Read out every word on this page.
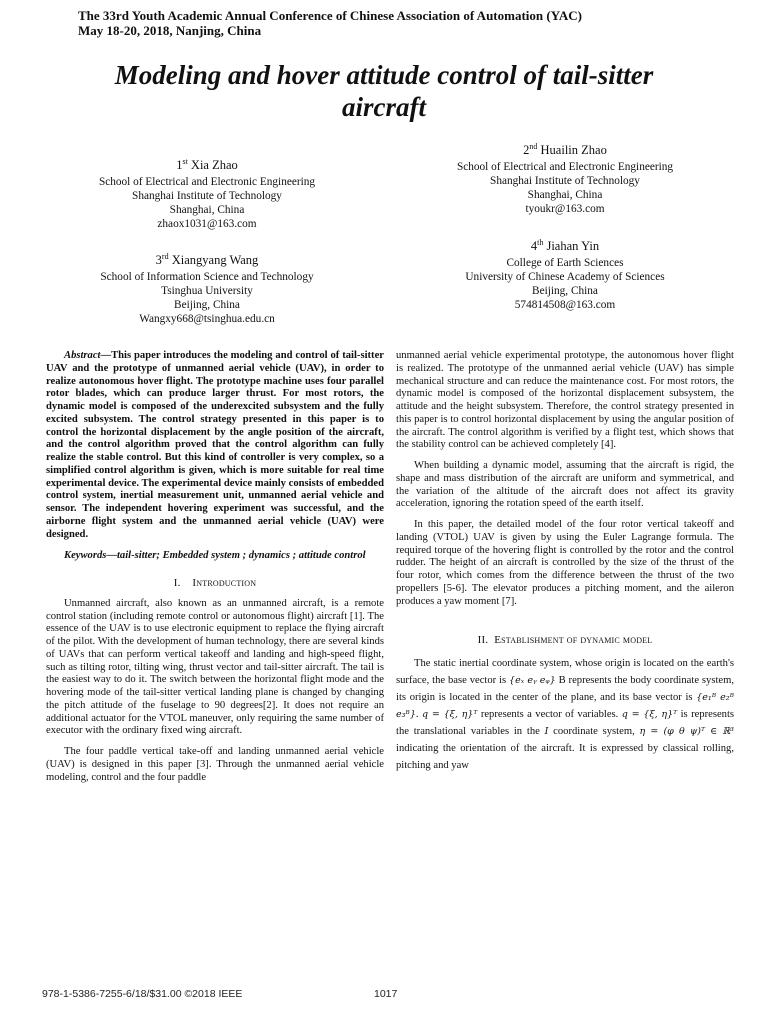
The 33rd Youth Academic Annual Conference of Chinese Association of Automation (YAC)
May 18-20, 2018, Nanjing, China
Modeling and hover attitude control of tail-sitter
aircraft
1st Xia Zhao
School of Electrical and Electronic Engineering
Shanghai Institute of Technology
Shanghai, China
zhaox1031@163.com
2nd Huailin Zhao
School of Electrical and Electronic Engineering
Shanghai Institute of Technology
Shanghai, China
tyoukr@163.com
3rd Xiangyang Wang
School of Information Science and Technology
Tsinghua University
Beijing, China
Wangxy668@tsinghua.edu.cn
4th Jiahan Yin
College of Earth Sciences
University of Chinese Academy of Sciences
Beijing, China
574814508@163.com

Abstract—This paper introduces the modeling and control of tail-sitter UAV and the prototype of unmanned aerial vehicle (UAV), in order to realize autonomous hover flight. The prototype machine uses four parallel rotor blades, which can produce larger thrust. For most rotors, the dynamic model is composed of the underexcited subsystem and the fully excited subsystem. The control strategy presented in this paper is to control the horizontal displacement by the angle position of the aircraft, and the control algorithm proved that the control algorithm can fully realize the stable control. But this kind of controller is very complex, so a simplified control algorithm is given, which is more suitable for real time experimental device. The experimental device mainly consists of embedded control system, inertial measurement unit, unmanned aerial vehicle and sensor. The independent hovering experiment was successful, and the airborne flight system and the unmanned aerial vehicle (UAV) were designed.

Keywords—tail-sitter; Embedded system ; dynamics ; attitude control

I. Introduction

Unmanned aircraft, also known as an unmanned aircraft, is a remote control station (including remote control or autonomous flight) aircraft [1]. The essence of the UAV is to use electronic equipment to replace the flying aircraft of the pilot. With the development of human technology, there are several kinds of UAVs that can perform vertical takeoff and landing and high-speed flight, such as tilting rotor, tilting wing, thrust vector and tail-sitter aircraft. The tail is the easiest way to do it. The switch between the horizontal flight mode and the hovering mode of the tail-sitter vertical landing plane is changed by changing the pitch attitude of the fuselage to 90 degrees[2]. It does not require an additional actuator for the VTOL maneuver, only requiring the same number of executor with the ordinary fixed wing aircraft.

The four paddle vertical take-off and landing unmanned aerial vehicle (UAV) is designed in this paper [3]. Through the unmanned aerial vehicle modeling, control and the four paddle

unmanned aerial vehicle experimental prototype, the autonomous hover flight is realized. The prototype of the unmanned aerial vehicle (UAV) has simple mechanical structure and can reduce the maintenance cost. For most rotors, the dynamic model is composed of the horizontal displacement subsystem, the attitude and the height subsystem. Therefore, the control strategy presented in this paper is to control horizontal displacement by using the angular position of the aircraft. The control algorithm is verified by a flight test, which shows that the stability control can be achieved completely [4].

When building a dynamic model, assuming that the aircraft is rigid, the shape and mass distribution of the aircraft are uniform and symmetrical, and the variation of the altitude of the aircraft does not affect its gravity acceleration, ignoring the rotation speed of the earth itself.

In this paper, the detailed model of the four rotor vertical takeoff and landing (VTOL) UAV is given by using the Euler Lagrange formula. The required torque of the hovering flight is controlled by the rotor and the control rudder. The height of an aircraft is controlled by the size of the thrust of the four rotor, which comes from the difference between the thrust of the two propellers [5-6]. The elevator produces a pitching moment, and the aileron produces a yaw moment [7].

II. Establishment of dynamic model

The static inertial coordinate system, whose origin is located on the earth's surface, the base vector is {eₓ eᵧ eᵩ} B represents the body coordinate system, its origin is located in the center of the plane, and its base vector is {e₁ᴮ e₂ᴮ e₃ᴮ}. q = {ξ, η}ᵀ represents a vector of variables. q = {ξ, η}ᵀ is represents the translational variables in the I coordinate system, η = (φ θ ψ)ᵀ ∈ ℝ³ indicating the orientation of the aircraft. It is expressed by classical rolling, pitching and yaw

978-1-5386-7255-6/18/$31.00 ©2018 IEEE	1017
